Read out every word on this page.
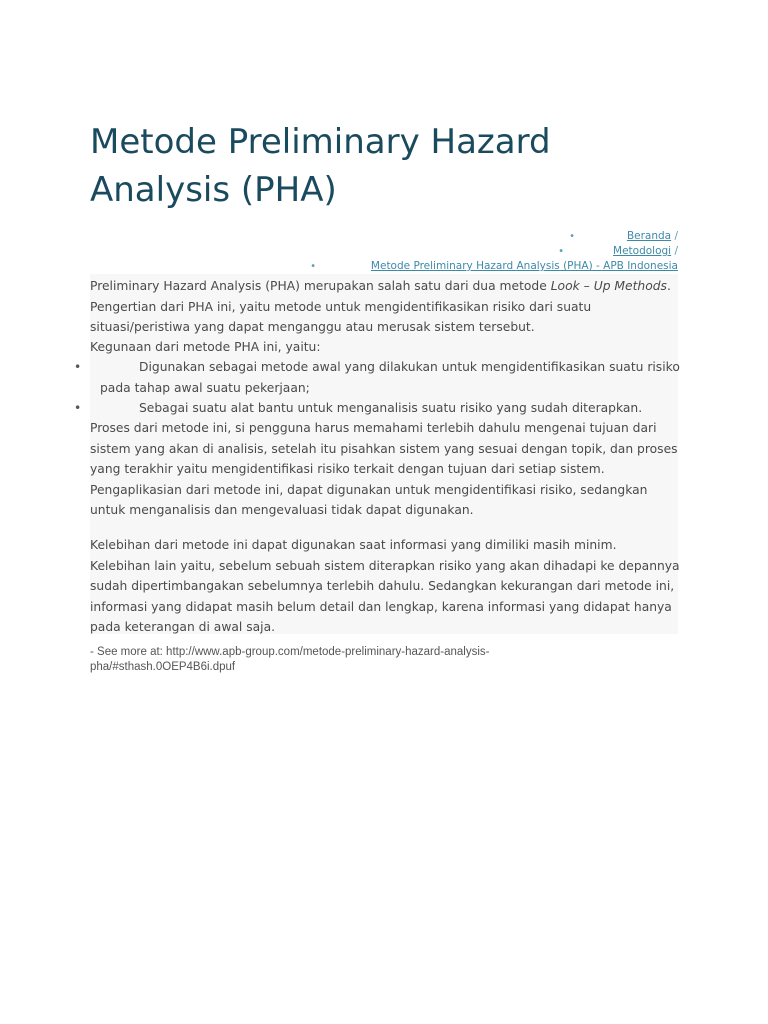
Metode Preliminary Hazard Analysis (PHA)
•	Beranda /
•	Metodologi /
•	Metode Preliminary Hazard Analysis (PHA) - APB Indonesia

Preliminary Hazard Analysis (PHA) merupakan salah satu dari dua metode Look – Up Methods. Pengertian dari PHA ini, yaitu metode untuk mengidentifikasikan risiko dari suatu situasi/peristiwa yang dapat menganggu atau merusak sistem tersebut.

Kegunaan dari metode PHA ini, yaitu:

•	Digunakan sebagai metode awal yang dilakukan untuk mengidentifikasikan suatu risiko pada tahap awal suatu pekerjaan;
•	Sebagai suatu alat bantu untuk menganalisis suatu risiko yang sudah diterapkan.

Proses dari metode ini, si pengguna harus memahami terlebih dahulu mengenai tujuan dari sistem yang akan di analisis, setelah itu pisahkan sistem yang sesuai dengan topik, dan proses yang terakhir yaitu mengidentifikasi risiko terkait dengan tujuan dari setiap sistem. Pengaplikasian dari metode ini, dapat digunakan untuk mengidentifikasi risiko, sedangkan untuk menganalisis dan mengevaluasi tidak dapat digunakan.

Kelebihan dari metode ini dapat digunakan saat informasi yang dimiliki masih minim. Kelebihan lain yaitu, sebelum sebuah sistem diterapkan risiko yang akan dihadapi ke depannya sudah dipertimbangakan sebelumnya terlebih dahulu. Sedangkan kekurangan dari metode ini, informasi yang didapat masih belum detail dan lengkap, karena informasi yang didapat hanya pada keterangan di awal saja.

- See more at: http://www.apb-group.com/metode-preliminary-hazard-analysis-pha/#sthash.0OEP4B6i.dpuf
